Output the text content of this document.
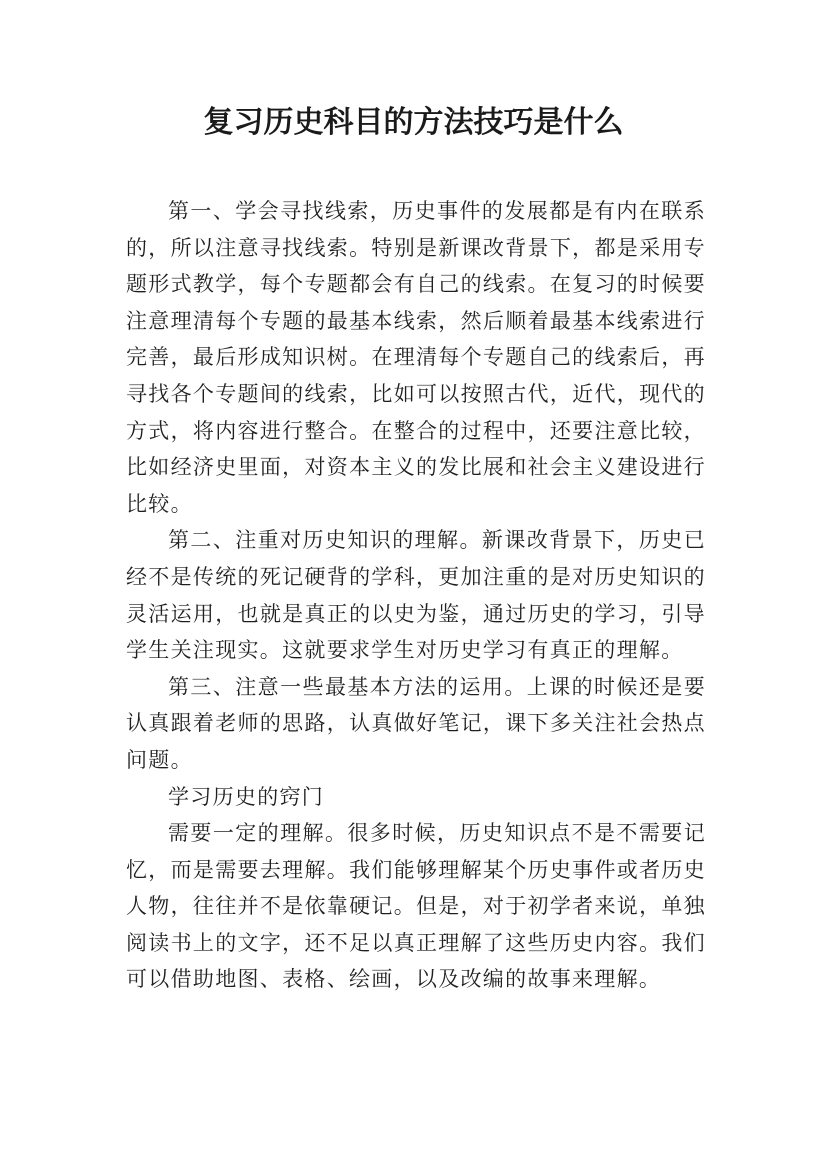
复习历史科目的方法技巧是什么

第一、学会寻找线索，历史事件的发展都是有内在联系的，所以注意寻找线索。特别是新课改背景下，都是采用专题形式教学，每个专题都会有自己的线索。在复习的时候要注意理清每个专题的最基本线索，然后顺着最基本线索进行完善，最后形成知识树。在理清每个专题自己的线索后，再寻找各个专题间的线索，比如可以按照古代，近代，现代的方式，将内容进行整合。在整合的过程中，还要注意比较，比如经济史里面，对资本主义的发比展和社会主义建设进行比较。

第二、注重对历史知识的理解。新课改背景下，历史已经不是传统的死记硬背的学科，更加注重的是对历史知识的灵活运用，也就是真正的以史为鉴，通过历史的学习，引导学生关注现实。这就要求学生对历史学习有真正的理解。

第三、注意一些最基本方法的运用。上课的时候还是要认真跟着老师的思路，认真做好笔记，课下多关注社会热点问题。

学习历史的窍门

需要一定的理解。很多时候，历史知识点不是不需要记忆，而是需要去理解。我们能够理解某个历史事件或者历史人物，往往并不是依靠硬记。但是，对于初学者来说，单独阅读书上的文字，还不足以真正理解了这些历史内容。我们可以借助地图、表格、绘画，以及改编的故事来理解。
